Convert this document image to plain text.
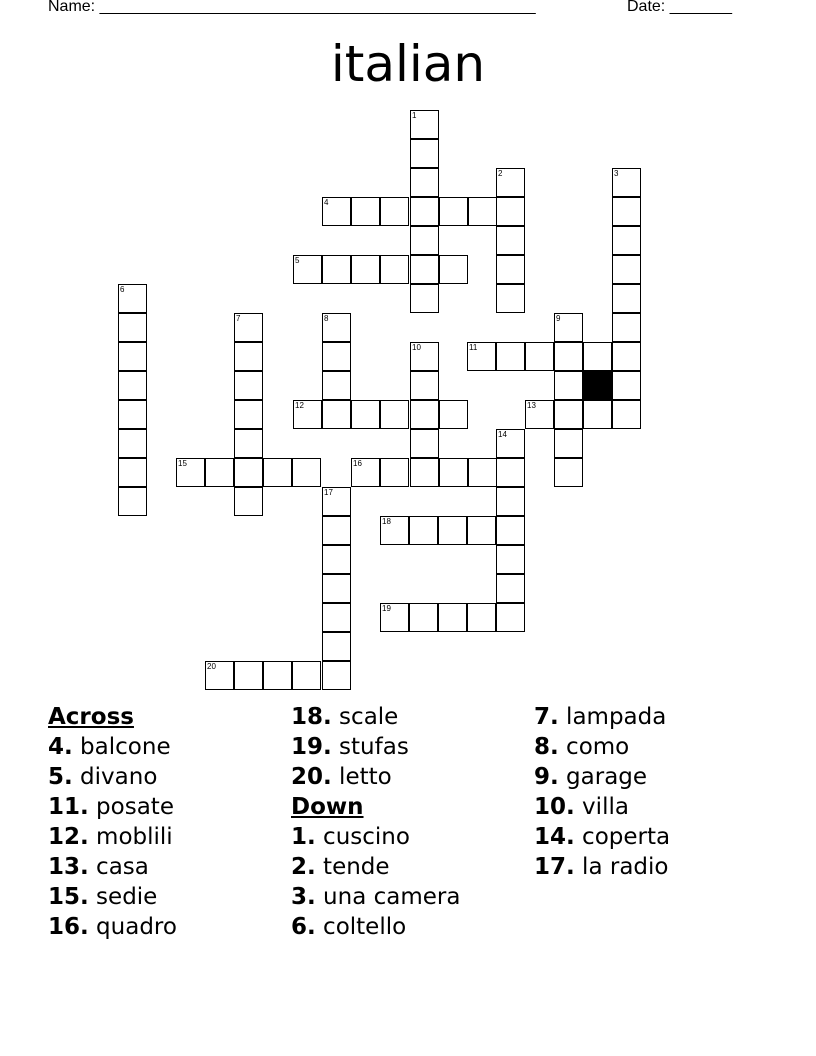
Name: _________________________________________________	Date: _______
italian
1
2	3
4
5
6
7	8	9
10	11
12	13
14
15	16
17
18
19
20
Across
4. balcone
5. divano
11. posate
12. moblili
13. casa
15. sedie
16. quadro
18. scale
19. stufas
20. letto
Down
1. cuscino
2. tende
3. una camera
6. coltello
7. lampada
8. como
9. garage
10. villa
14. coperta
17. la radio
